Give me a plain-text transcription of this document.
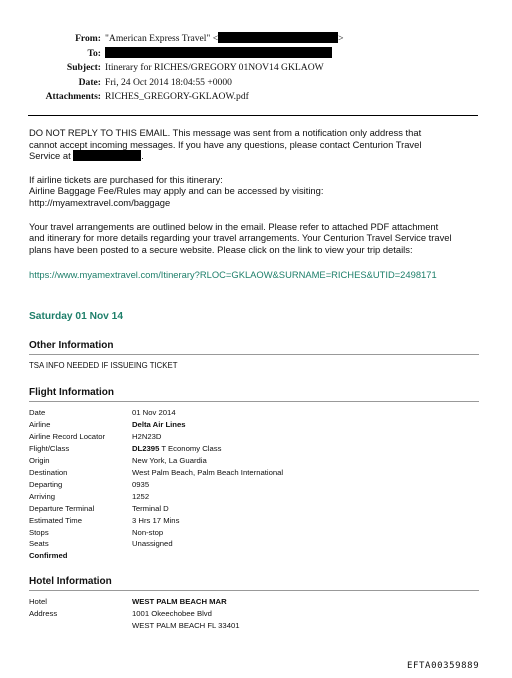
From: "American Express Travel" <	>
To:
Subject: Itinerary for RICHES/GREGORY 01NOV14 GKLAOW
Date: Fri, 24 Oct 2014 18:04:55 +0000
Attachments: RICHES_GREGORY-GKLAOW.pdf

DO NOT REPLY TO THIS EMAIL. This message was sent from a notification only address that
cannot accept incoming messages. If you have any questions, please contact Centurion Travel
Service at	.

If airline tickets are purchased for this itinerary:
Airline Baggage Fee/Rules may apply and can be accessed by visiting:
http://myamextravel.com/baggage

Your travel arrangements are outlined below in the email. Please refer to attached PDF attachment
and itinerary for more details regarding your travel arrangements. Your Centurion Travel Service travel
plans have been posted to a secure website. Please click on the link to view your trip details:

https://www.myamextravel.com/Itinerary?RLOC=GKLAOW&SURNAME=RICHES&UTID=2498171

Saturday 01 Nov 14
Other Information
TSA INFO NEEDED IF ISSUEING TICKET
Flight Information
Date	01 Nov 2014
Airline	Delta Air Lines
Airline Record Locator	H2N23D
Flight/Class	DL2395 T Economy Class
Origin	New York, La Guardia
Destination	West Palm Beach, Palm Beach International
Departing	0935
Arriving	1252
Departure Terminal	Terminal D
Estimated Time	3 Hrs 17 Mins
Stops	Non-stop
Seats	Unassigned
Confirmed
Hotel Information
Hotel	WEST PALM BEACH MAR
Address	1001 Okeechobee Blvd
WEST PALM BEACH FL 33401
EFTA00359889
